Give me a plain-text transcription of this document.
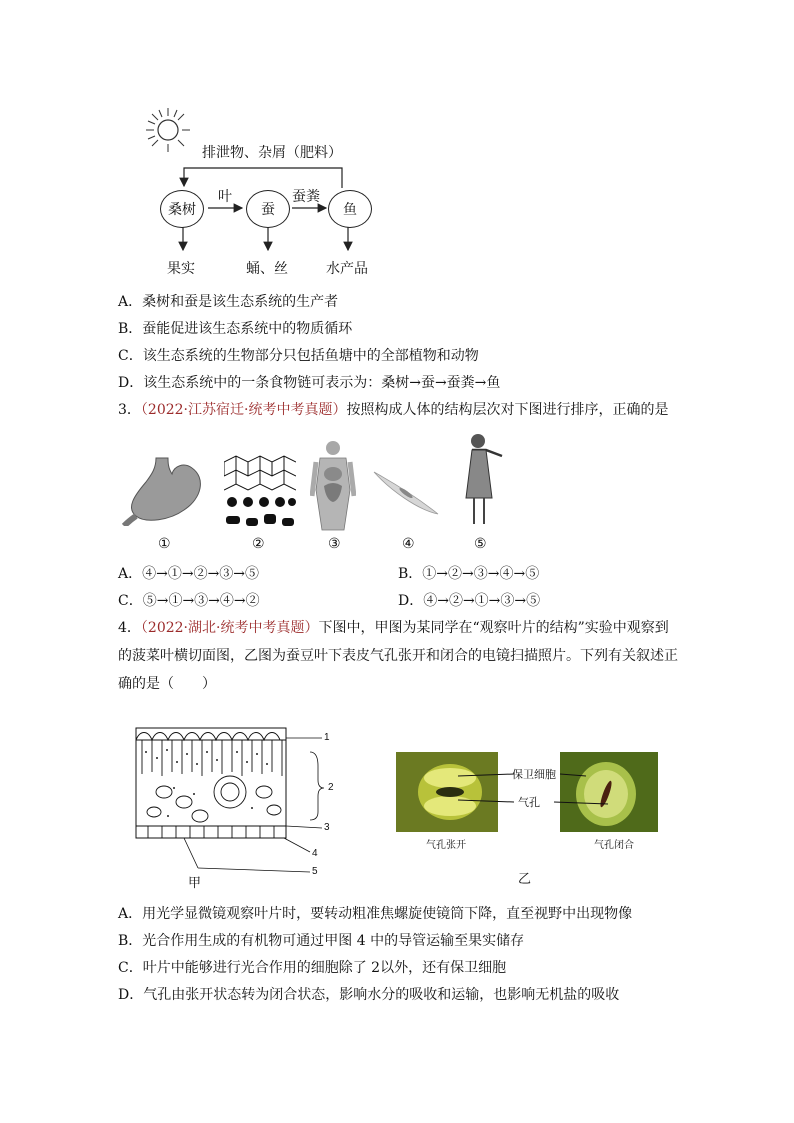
排泄物、杂屑（肥料）
桑树	蚕	鱼
叶	蚕粪
果实	蛹、丝	水产品
A．桑树和蚕是该生态系统的生产者
B．蚕能促进该生态系统中的物质循环
C．该生态系统的生物部分只包括鱼塘中的全部植物和动物
D．该生态系统中的一条食物链可表示为：桑树→蚕→蚕粪→鱼
3．（2022·江苏宿迁·统考中考真题）按照构成人体的结构层次对下图进行排序，正确的是
①	②	③	④	⑤
A．④→①→②→③→⑤	B．①→②→③→④→⑤
C．⑤→①→③→④→②	D．④→②→①→③→⑤
4．（2022·湖北·统考中考真题）下图中，甲图为某同学在“观察叶片的结构”实验中观察到的菠菜叶横切面图，乙图为蚕豆叶下表皮气孔张开和闭合的电镜扫描照片。下列有关叙述正确的是（　　）
1
2
3
4
5
甲
保卫细胞
气孔
气孔张开	气孔闭合
乙
A．用光学显微镜观察叶片时，要转动粗准焦螺旋使镜筒下降，直至视野中出现物像
B．光合作用生成的有机物可通过甲图 4 中的导管运输至果实储存
C．叶片中能够进行光合作用的细胞除了 2以外，还有保卫细胞
D．气孔由张开状态转为闭合状态，影响水分的吸收和运输，也影响无机盐的吸收
